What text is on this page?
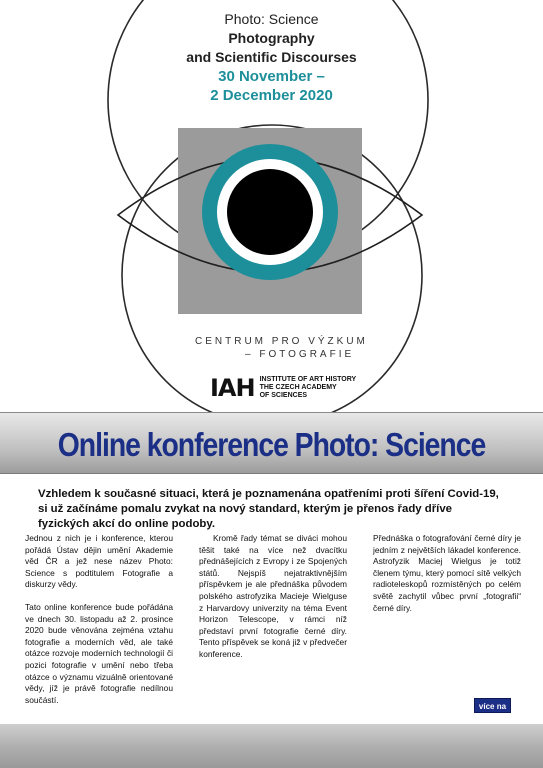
Photo: Science
Photography
and Scientific Discourses
30 November –
2 December 2020
CENTRUM PRO VÝZKUM
– FOTOGRAFIE
IAH INSTITUTE OF ART HISTORY
THE CZECH ACADEMY
OF SCIENCES
Online konference Photo: Science
Vzhledem k současné situaci, která je poznamenána opatřeními proti šíření Covid-19, si už začínáme pomalu zvykat na nový standard, kterým je přenos řady dříve fyzických akcí do online podoby.

Jednou z nich je i konference, kterou pořádá Ústav dějin umění Akademie věd ČR a jež nese název Photo: Science s podtitulem Fotografie a diskurzy vědy.

Tato online konference bude pořádána ve dnech 30. listopadu až 2. prosince 2020 bude věnována zejména vztahu fotografie a moderních věd, ale také otázce rozvoje moderních technologií či pozici fotografie v umění nebo třeba otázce o významu vizuálně orientované vědy, jíž je právě fotografie nedílnou součástí.

Kromě řady témat se diváci mohou těšit také na více než dvacítku přednášejících z Evropy i ze Spojených států. Nejspíš nejatraktivnějším příspěvkem je ale přednáška původem polského astrofyzika Macieje Wielguse z Harvardovy univerzity na téma Event Horizon Telescope, v rámci níž představí první fotografie černé díry. Tento příspěvek se koná již v předvečer konference.

Přednáška o fotografování černé díry je jedním z největších lákadel konference. Astrofyzik Maciej Wielgus je totiž členem týmu, který pomocí sítě velkých radioteleskopů rozmístěných po celém světě zachytil vůbec první „fotografii“ černé díry.

více na
